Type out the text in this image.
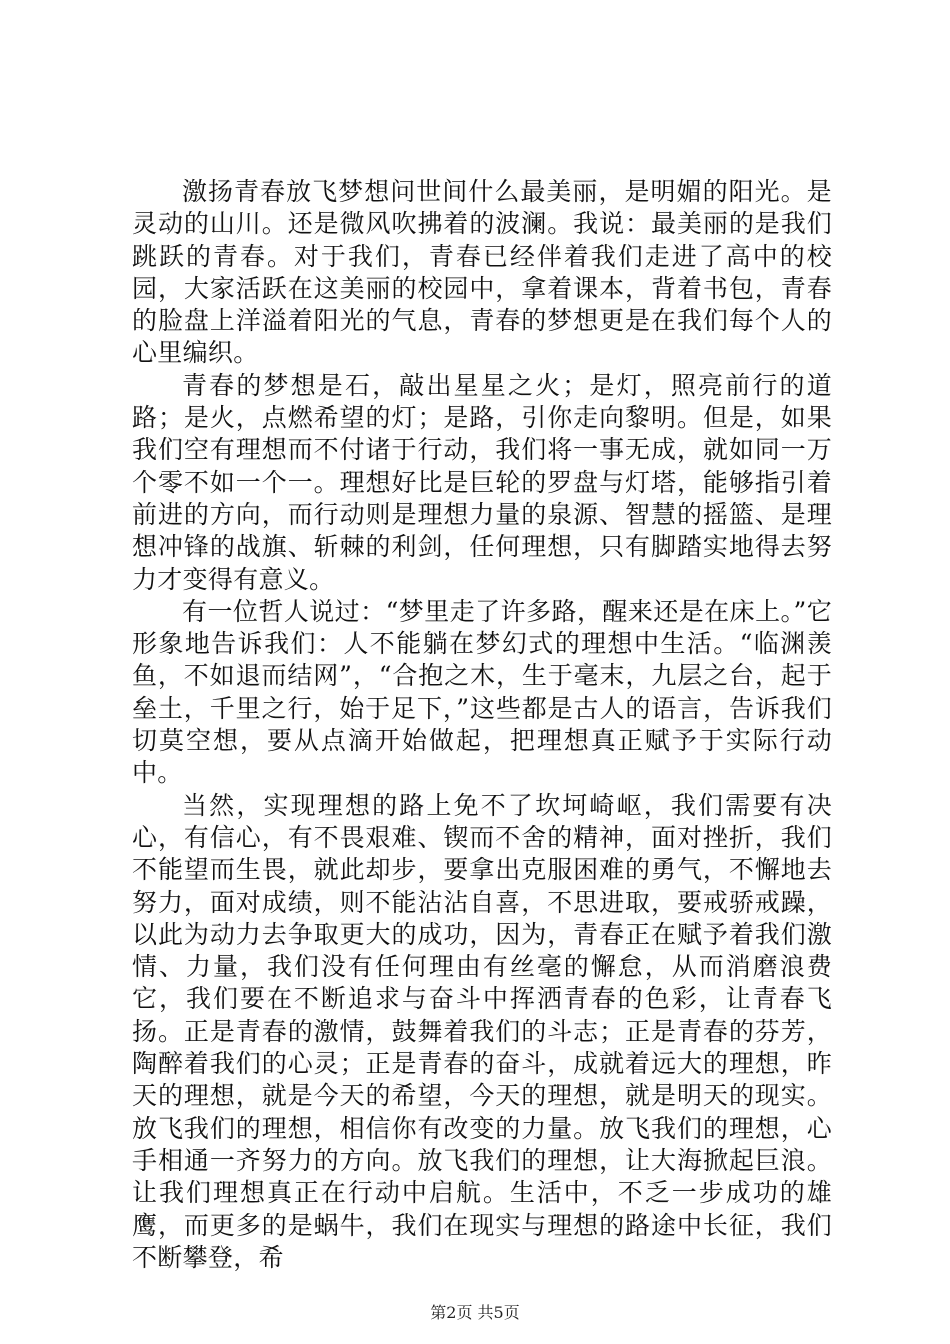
激扬青春放飞梦想问世间什么最美丽，是明媚的阳光。是灵动的山川。还是微风吹拂着的波澜。我说：最美丽的是我们跳跃的青春。对于我们，青春已经伴着我们走进了高中的校园，大家活跃在这美丽的校园中，拿着课本，背着书包，青春的脸盘上洋溢着阳光的气息，青春的梦想更是在我们每个人的心里编织。

青春的梦想是石，敲出星星之火；是灯，照亮前行的道路；是火，点燃希望的灯；是路，引你走向黎明。但是，如果我们空有理想而不付诸于行动，我们将一事无成，就如同一万个零不如一个一。理想好比是巨轮的罗盘与灯塔，能够指引着前进的方向，而行动则是理想力量的泉源、智慧的摇篮、是理想冲锋的战旗、斩棘的利剑，任何理想，只有脚踏实地得去努力才变得有意义。

有一位哲人说过：“梦里走了许多路，醒来还是在床上。”它形象地告诉我们：人不能躺在梦幻式的理想中生活。“临渊羡鱼，不如退而结网”，“合抱之木，生于毫末，九层之台，起于垒土，千里之行，始于足下，”这些都是古人的语言，告诉我们切莫空想，要从点滴开始做起，把理想真正赋予于实际行动中。

当然，实现理想的路上免不了坎坷崎岖，我们需要有决心，有信心，有不畏艰难、锲而不舍的精神，面对挫折，我们不能望而生畏，就此却步，要拿出克服困难的勇气，不懈地去努力，面对成绩，则不能沾沾自喜，不思进取，要戒骄戒躁，以此为动力去争取更大的成功，因为，青春正在赋予着我们激情、力量，我们没有任何理由有丝毫的懈怠，从而消磨浪费它，我们要在不断追求与奋斗中挥洒青春的色彩，让青春飞扬。正是青春的激情，鼓舞着我们的斗志；正是青春的芬芳，陶醉着我们的心灵；正是青春的奋斗，成就着远大的理想，昨天的理想，就是今天的希望，今天的理想，就是明天的现实。放飞我们的理想，相信你有改变的力量。放飞我们的理想，心手相通一齐努力的方向。放飞我们的理想，让大海掀起巨浪。让我们理想真正在行动中启航。生活中，不乏一步成功的雄鹰，而更多的是蜗牛，我们在现实与理想的路途中长征，我们不断攀登，希

第2页 共5页
